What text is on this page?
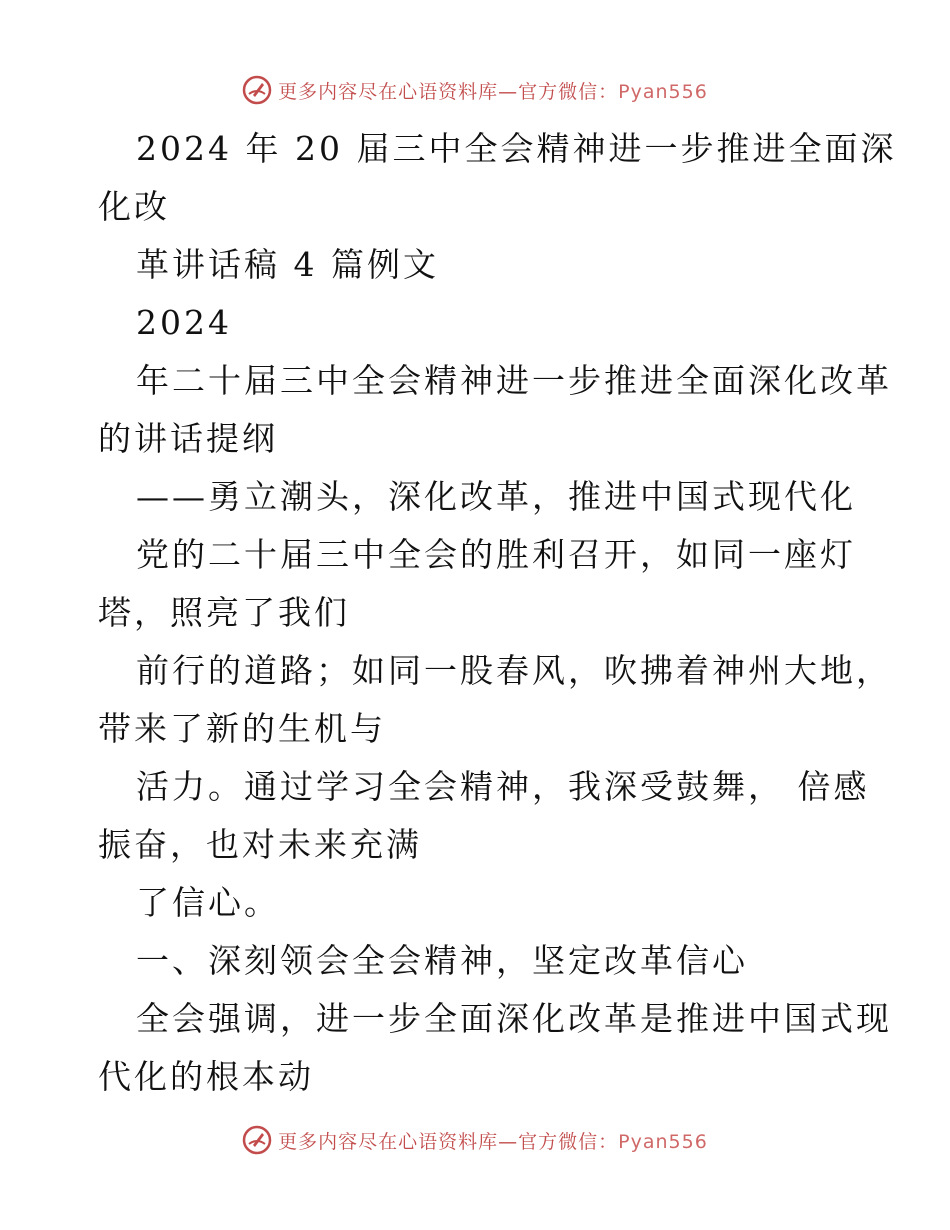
更多内容尽在心语资料库—官方微信：Pyan556

2024 年 20 届三中全会精神进一步推进全面深

化改

革讲话稿 4 篇例文

2024

年二十届三中全会精神进一步推进全面深化改革

的讲话提纲

——勇立潮头，深化改革，推进中国式现代化

党的二十届三中全会的胜利召开，如同一座灯

塔，照亮了我们

前行的道路；如同一股春风，吹拂着神州大地，

带来了新的生机与

活力。通过学习全会精神，我深受鼓舞， 倍感

振奋，也对未来充满

了信心。

一、深刻领会全会精神，坚定改革信心

全会强调，进一步全面深化改革是推进中国式现

代化的根本动

更多内容尽在心语资料库—官方微信：Pyan556
